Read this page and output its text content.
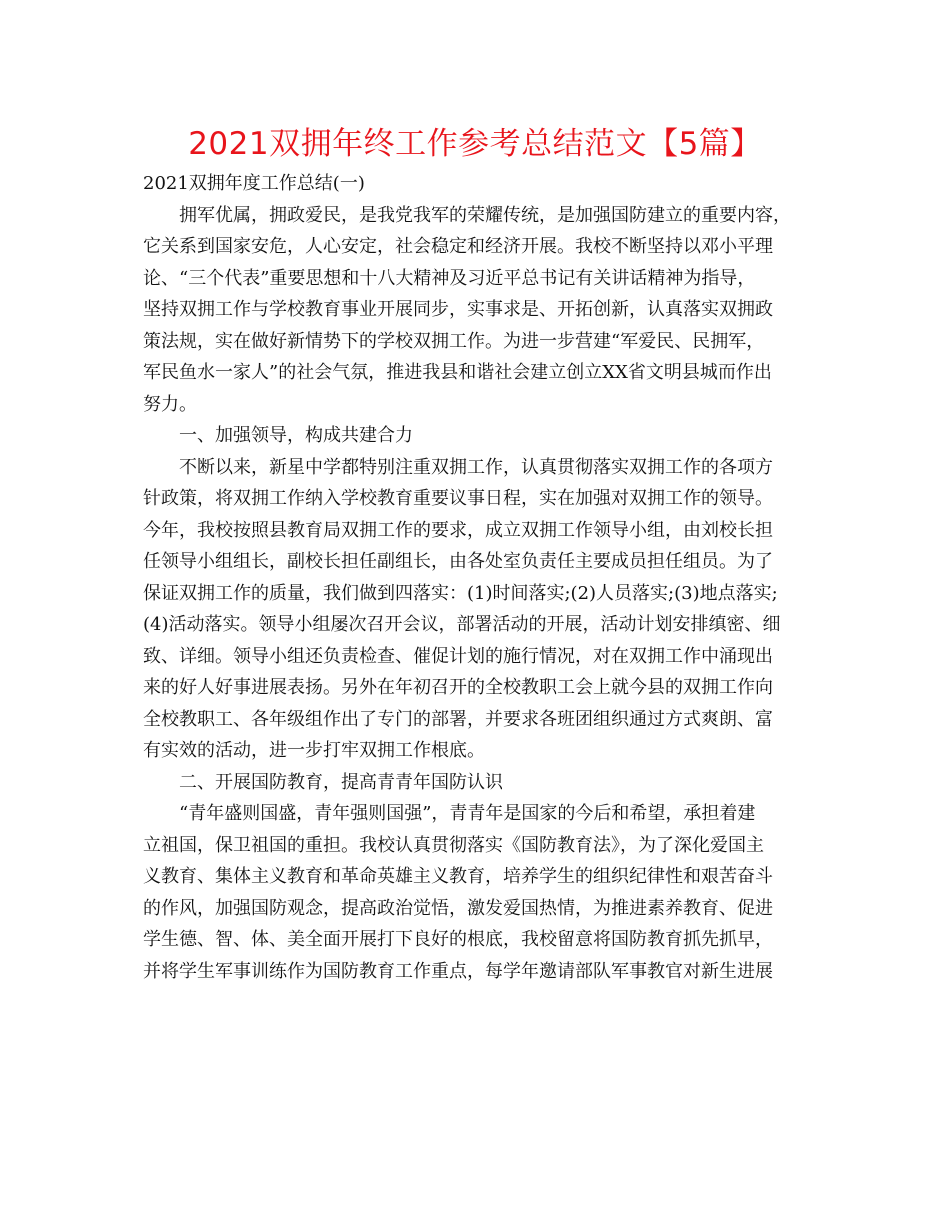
2021双拥年终工作参考总结范文【5篇】

2021双拥年度工作总结(一)

拥军优属，拥政爱民，是我党我军的荣耀传统，是加强国防建立的重要内容，
它关系到国家安危，人心安定，社会稳定和经济开展。我校不断坚持以邓小平理
论、“三个代表”重要思想和十八大精神及习近平总书记有关讲话精神为指导，
坚持双拥工作与学校教育事业开展同步，实事求是、开拓创新，认真落实双拥政
策法规，实在做好新情势下的学校双拥工作。为进一步营建“军爱民、民拥军，
军民鱼水一家人”的社会气氛，推进我县和谐社会建立创立XX省文明县城而作出
努力。

一、加强领导，构成共建合力

不断以来，新星中学都特别注重双拥工作，认真贯彻落实双拥工作的各项方
针政策，将双拥工作纳入学校教育重要议事日程，实在加强对双拥工作的领导。
今年，我校按照县教育局双拥工作的要求，成立双拥工作领导小组，由刘校长担
任领导小组组长，副校长担任副组长，由各处室负责任主要成员担任组员。为了
保证双拥工作的质量，我们做到四落实：(1)时间落实;(2)人员落实;(3)地点落实;
(4)活动落实。领导小组屡次召开会议，部署活动的开展，活动计划安排缜密、细
致、详细。领导小组还负责检查、催促计划的施行情况，对在双拥工作中涌现出
来的好人好事进展表扬。另外在年初召开的全校教职工会上就今县的双拥工作向
全校教职工、各年级组作出了专门的部署，并要求各班团组织通过方式爽朗、富
有实效的活动，进一步打牢双拥工作根底。

二、开展国防教育，提高青青年国防认识

“青年盛则国盛，青年强则国强”，青青年是国家的今后和希望，承担着建
立祖国，保卫祖国的重担。我校认真贯彻落实《国防教育法》，为了深化爱国主
义教育、集体主义教育和革命英雄主义教育，培养学生的组织纪律性和艰苦奋斗
的作风，加强国防观念，提高政治觉悟，激发爱国热情，为推进素养教育、促进
学生德、智、体、美全面开展打下良好的根底，我校留意将国防教育抓先抓早，
并将学生军事训练作为国防教育工作重点，每学年邀请部队军事教官对新生进展
